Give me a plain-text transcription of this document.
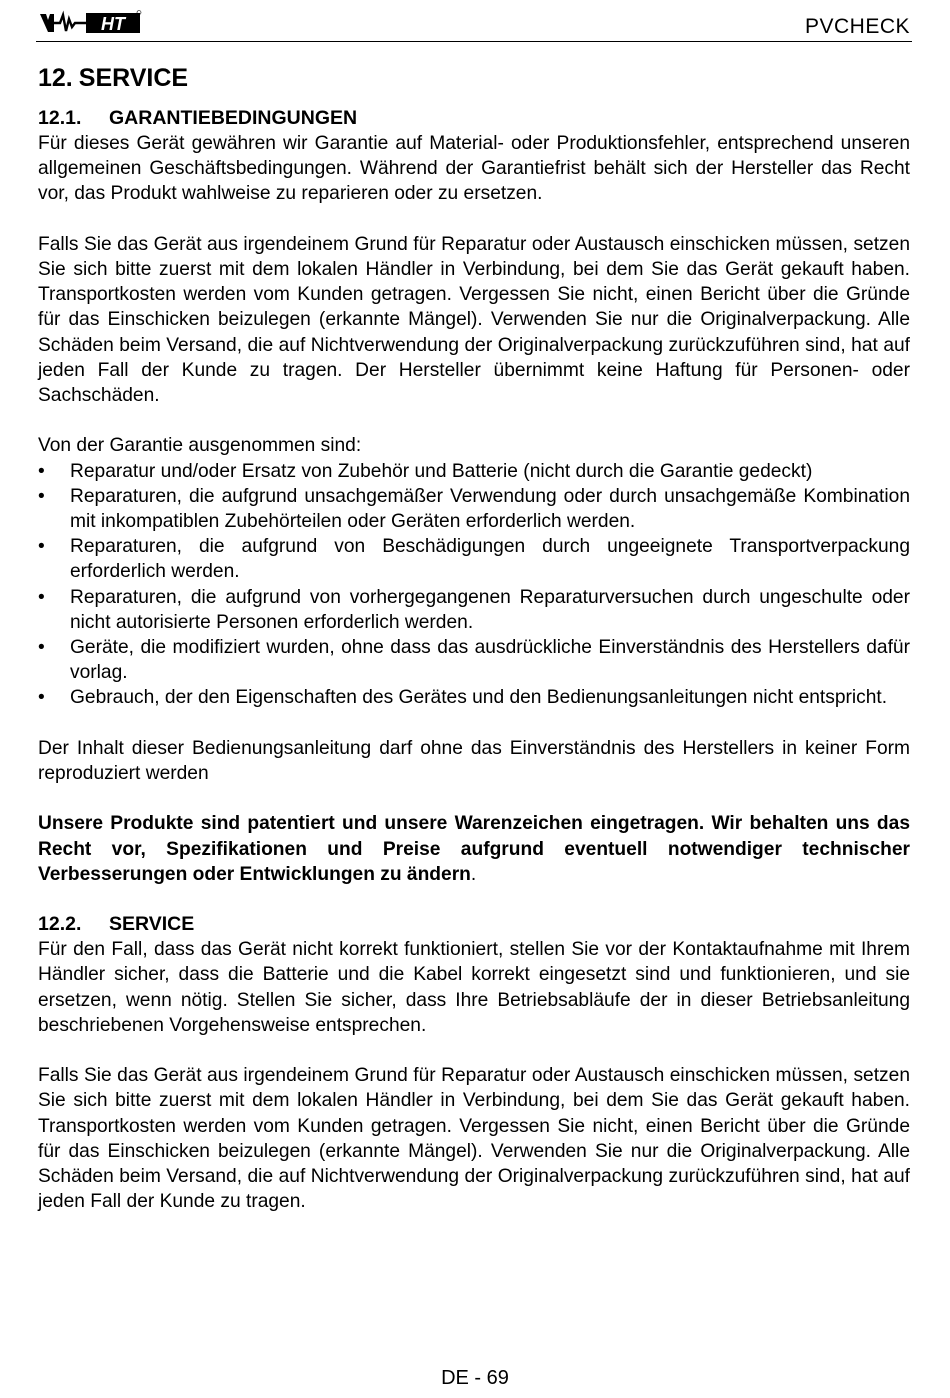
HT	PVCHECK
12. SERVICE
12.1. GARANTIEBEDINGUNGEN

Für dieses Gerät gewähren wir Garantie auf Material- oder Produktionsfehler, entsprechend unseren allgemeinen Geschäftsbedingungen. Während der Garantiefrist behält sich der Hersteller das Recht vor, das Produkt wahlweise zu reparieren oder zu ersetzen.

Falls Sie das Gerät aus irgendeinem Grund für Reparatur oder Austausch einschicken müssen, setzen Sie sich bitte zuerst mit dem lokalen Händler in Verbindung, bei dem Sie das Gerät gekauft haben. Transportkosten werden vom Kunden getragen. Vergessen Sie nicht, einen Bericht über die Gründe für das Einschicken beizulegen (erkannte Mängel). Verwenden Sie nur die Originalverpackung. Alle Schäden beim Versand, die auf Nichtverwendung der Originalverpackung zurückzuführen sind, hat auf jeden Fall der Kunde zu tragen. Der Hersteller übernimmt keine Haftung für Personen- oder Sachschäden.

Von der Garantie ausgenommen sind:

• Reparatur und/oder Ersatz von Zubehör und Batterie (nicht durch die Garantie gedeckt)
• Reparaturen, die aufgrund unsachgemäßer Verwendung oder durch unsachgemäße Kombination mit inkompatiblen Zubehörteilen oder Geräten erforderlich werden.
• Reparaturen, die aufgrund von Beschädigungen durch ungeeignete Transportverpackung erforderlich werden.
• Reparaturen, die aufgrund von vorhergegangenen Reparaturversuchen durch ungeschulte oder nicht autorisierte Personen erforderlich werden.
• Geräte, die modifiziert wurden, ohne dass das ausdrückliche Einverständnis des Herstellers dafür vorlag.
• Gebrauch, der den Eigenschaften des Gerätes und den Bedienungsanleitungen nicht entspricht.

Der Inhalt dieser Bedienungsanleitung darf ohne das Einverständnis des Herstellers in keiner Form reproduziert werden

Unsere Produkte sind patentiert und unsere Warenzeichen eingetragen. Wir behalten uns das Recht vor, Spezifikationen und Preise aufgrund eventuell notwendiger technischer Verbesserungen oder Entwicklungen zu ändern.

12.2. SERVICE

Für den Fall, dass das Gerät nicht korrekt funktioniert, stellen Sie vor der Kontaktaufnahme mit Ihrem Händler sicher, dass die Batterie und die Kabel korrekt eingesetzt sind und funktionieren, und sie ersetzen, wenn nötig. Stellen Sie sicher, dass Ihre Betriebsabläufe der in dieser Betriebsanleitung beschriebenen Vorgehensweise entsprechen.

Falls Sie das Gerät aus irgendeinem Grund für Reparatur oder Austausch einschicken müssen, setzen Sie sich bitte zuerst mit dem lokalen Händler in Verbindung, bei dem Sie das Gerät gekauft haben. Transportkosten werden vom Kunden getragen. Vergessen Sie nicht, einen Bericht über die Gründe für das Einschicken beizulegen (erkannte Mängel). Verwenden Sie nur die Originalverpackung. Alle Schäden beim Versand, die auf Nichtverwendung der Originalverpackung zurückzuführen sind, hat auf jeden Fall der Kunde zu tragen.

DE - 69
